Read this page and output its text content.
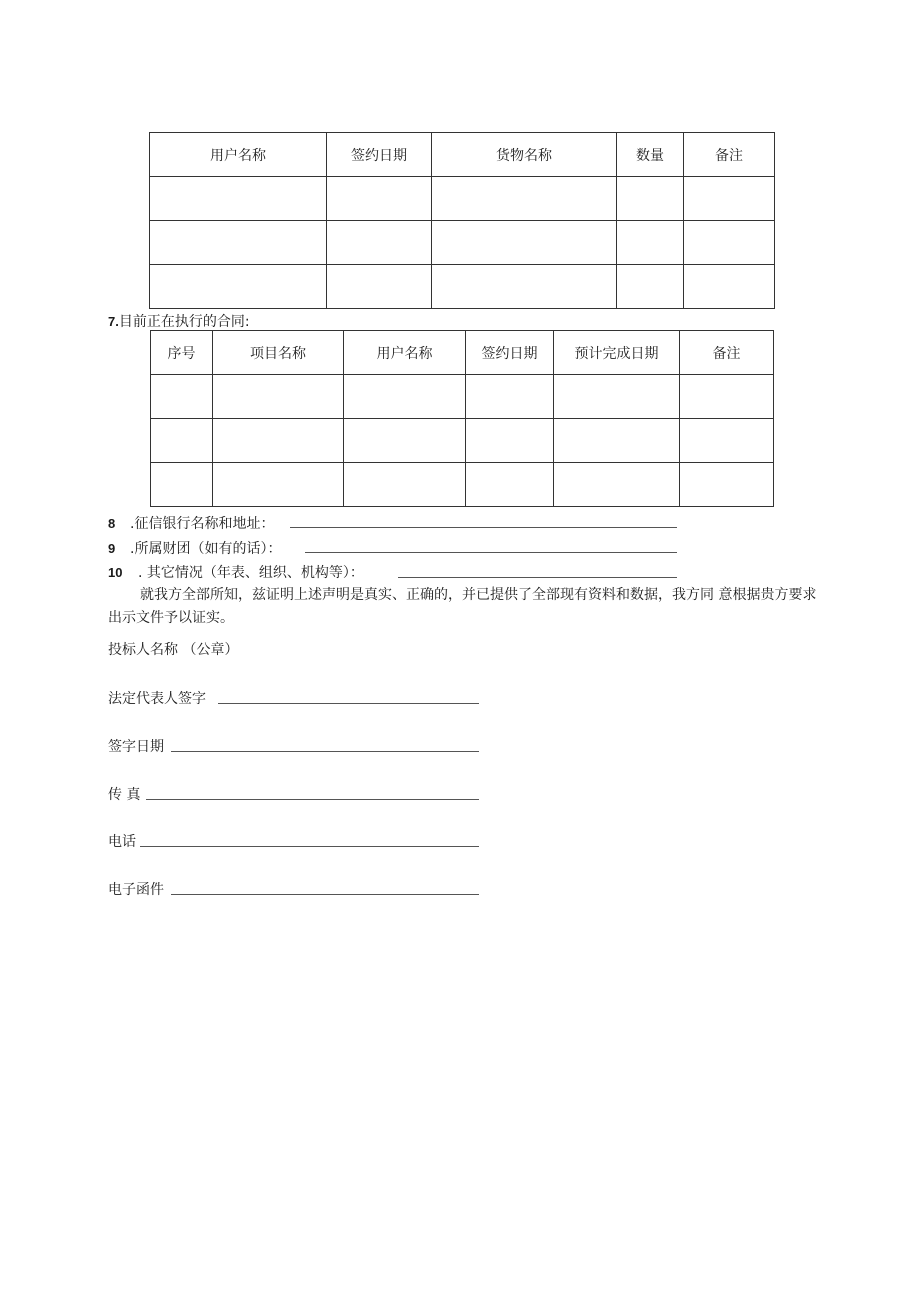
用户名称	签约日期	货物名称	数量	备注

7.目前正在执行的合同:
序号	项目名称	用户名称	签约日期	预计完成日期	备注

8 .征信银行名称和地址：
9 .所属财团（如有的话）：
10 . 其它情况（年表、组织、机构等）：
就我方全部所知，兹证明上述声明是真实、正确的，并已提供了全部现有资料和数据，我方同 意根据贵方要求出示文件予以证实。
投标人名称 （公章）
法定代表人签字
签字日期
传 真
电话
电子函件
